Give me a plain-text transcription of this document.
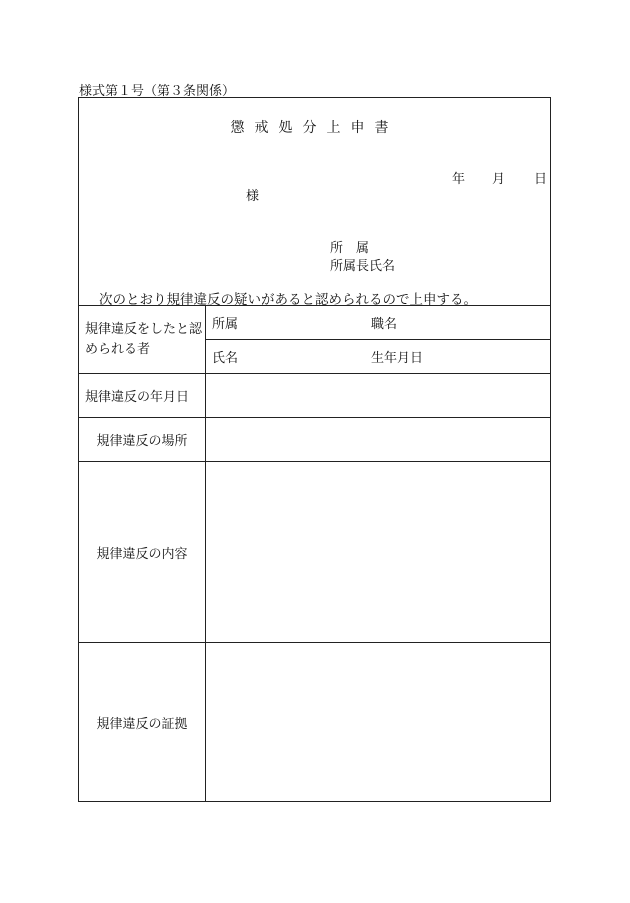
様式第１号（第３条関係）
懲戒処分上申書
年 月 日
様
所　属
所属長氏名
次のとおり規律違反の疑いがあると認められるので上申する。
規律違反をしたと認められる者
規律違反の年月日
規律違反の場所
規律違反の内容
規律違反の証拠
所属	職名
氏名	生年月日
